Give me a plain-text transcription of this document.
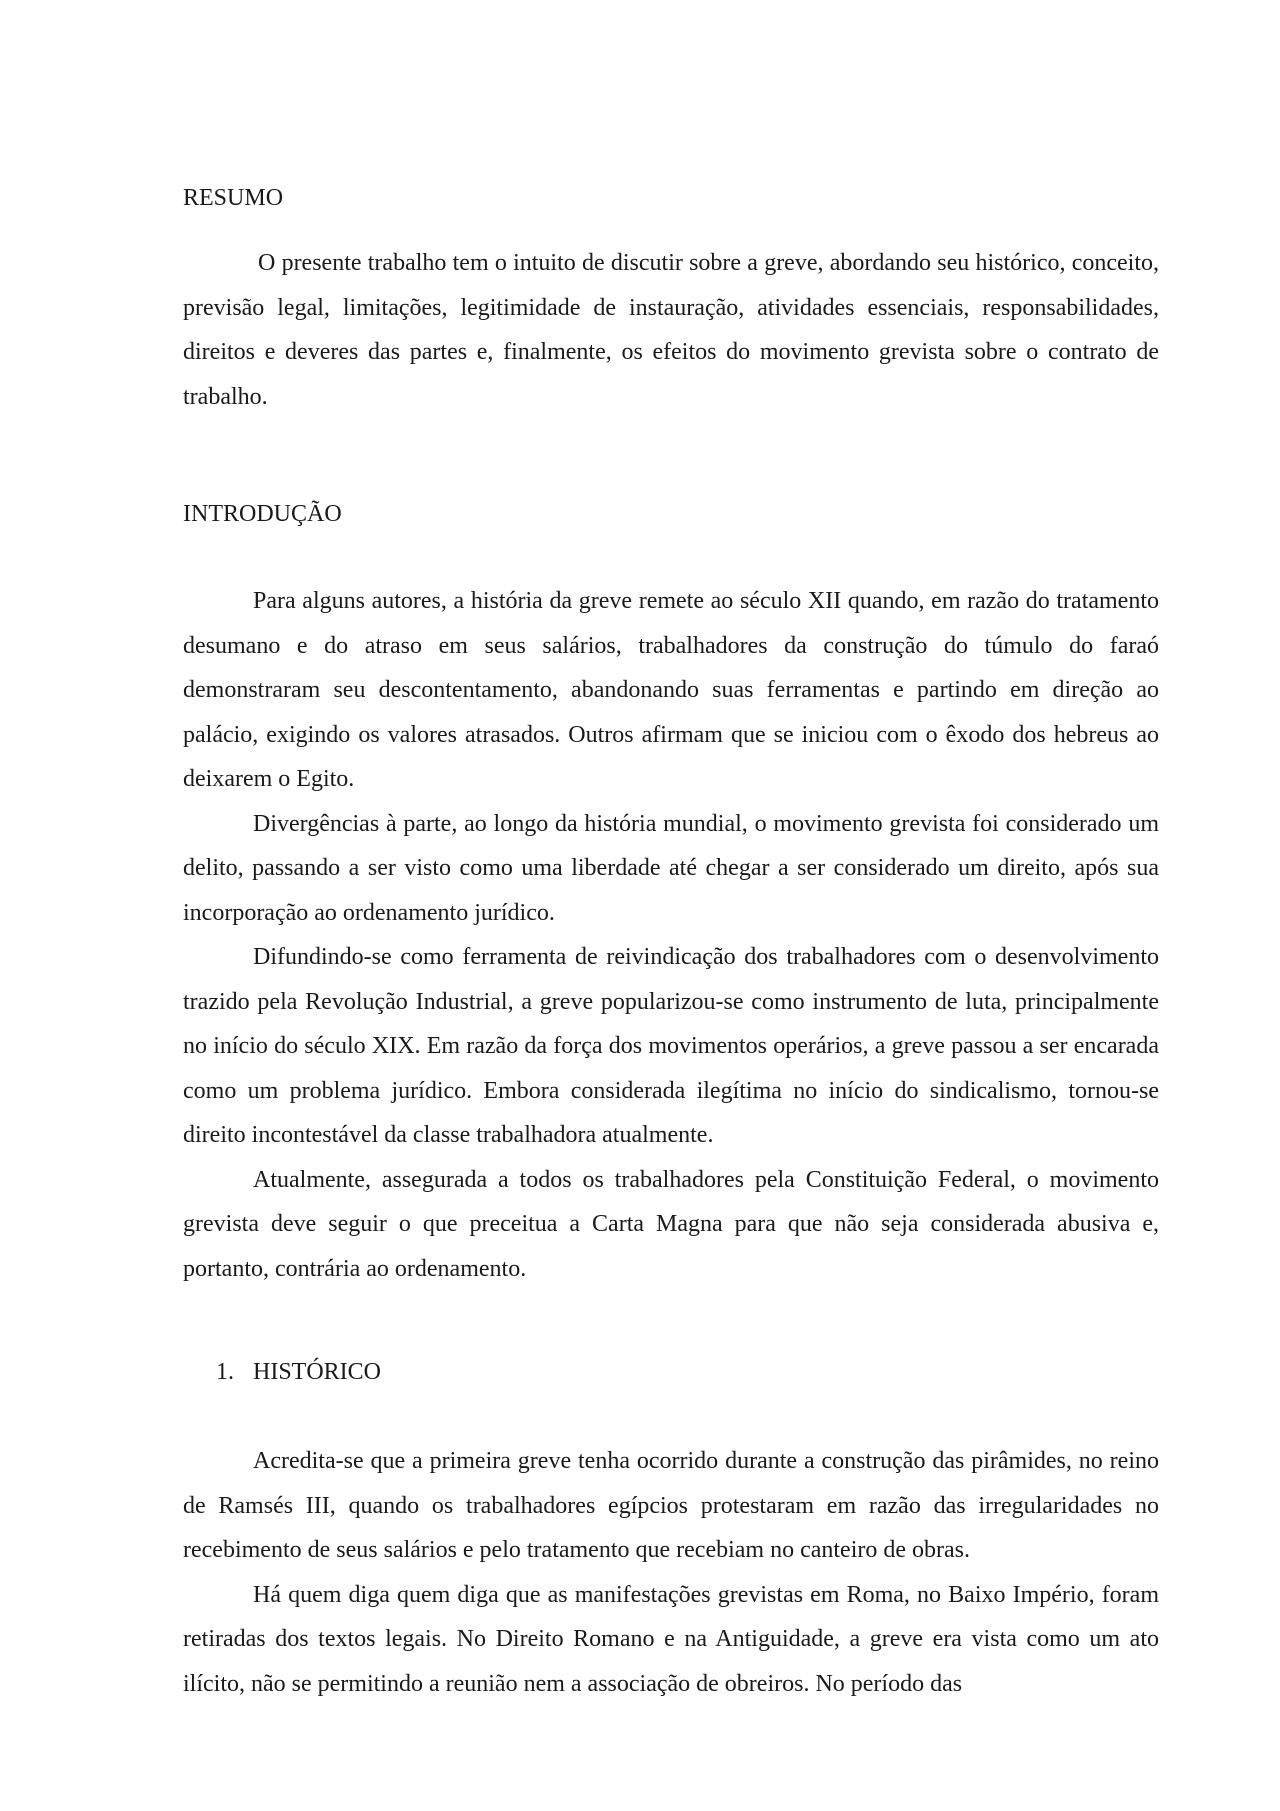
RESUMO

O presente trabalho tem o intuito de discutir sobre a greve, abordando seu histórico, conceito, previsão legal, limitações, legitimidade de instauração, atividades essenciais, responsabilidades, direitos e deveres das partes e, finalmente, os efeitos do movimento grevista sobre o contrato de trabalho.

INTRODUÇÃO

Para alguns autores, a história da greve remete ao século XII quando, em razão do tratamento desumano e do atraso em seus salários, trabalhadores da construção do túmulo do faraó demonstraram seu descontentamento, abandonando suas ferramentas e partindo em direção ao palácio, exigindo os valores atrasados. Outros afirmam que se iniciou com o êxodo dos hebreus ao deixarem o Egito.

Divergências à parte, ao longo da história mundial, o movimento grevista foi considerado um delito, passando a ser visto como uma liberdade até chegar a ser considerado um direito, após sua incorporação ao ordenamento jurídico.

Difundindo-se como ferramenta de reivindicação dos trabalhadores com o desenvolvimento trazido pela Revolução Industrial, a greve popularizou-se como instrumento de luta, principalmente no início do século XIX. Em razão da força dos movimentos operários, a greve passou a ser encarada como um problema jurídico. Embora considerada ilegítima no início do sindicalismo, tornou-se direito incontestável da classe trabalhadora atualmente.

Atualmente, assegurada a todos os trabalhadores pela Constituição Federal, o movimento grevista deve seguir o que preceitua a Carta Magna para que não seja considerada abusiva e, portanto, contrária ao ordenamento.

1. HISTÓRICO

Acredita-se que a primeira greve tenha ocorrido durante a construção das pirâmides, no reino de Ramsés III, quando os trabalhadores egípcios protestaram em razão das irregularidades no recebimento de seus salários e pelo tratamento que recebiam no canteiro de obras.

Há quem diga quem diga que as manifestações grevistas em Roma, no Baixo Império, foram retiradas dos textos legais. No Direito Romano e na Antiguidade, a greve era vista como um ato ilícito, não se permitindo a reunião nem a associação de obreiros. No período das
